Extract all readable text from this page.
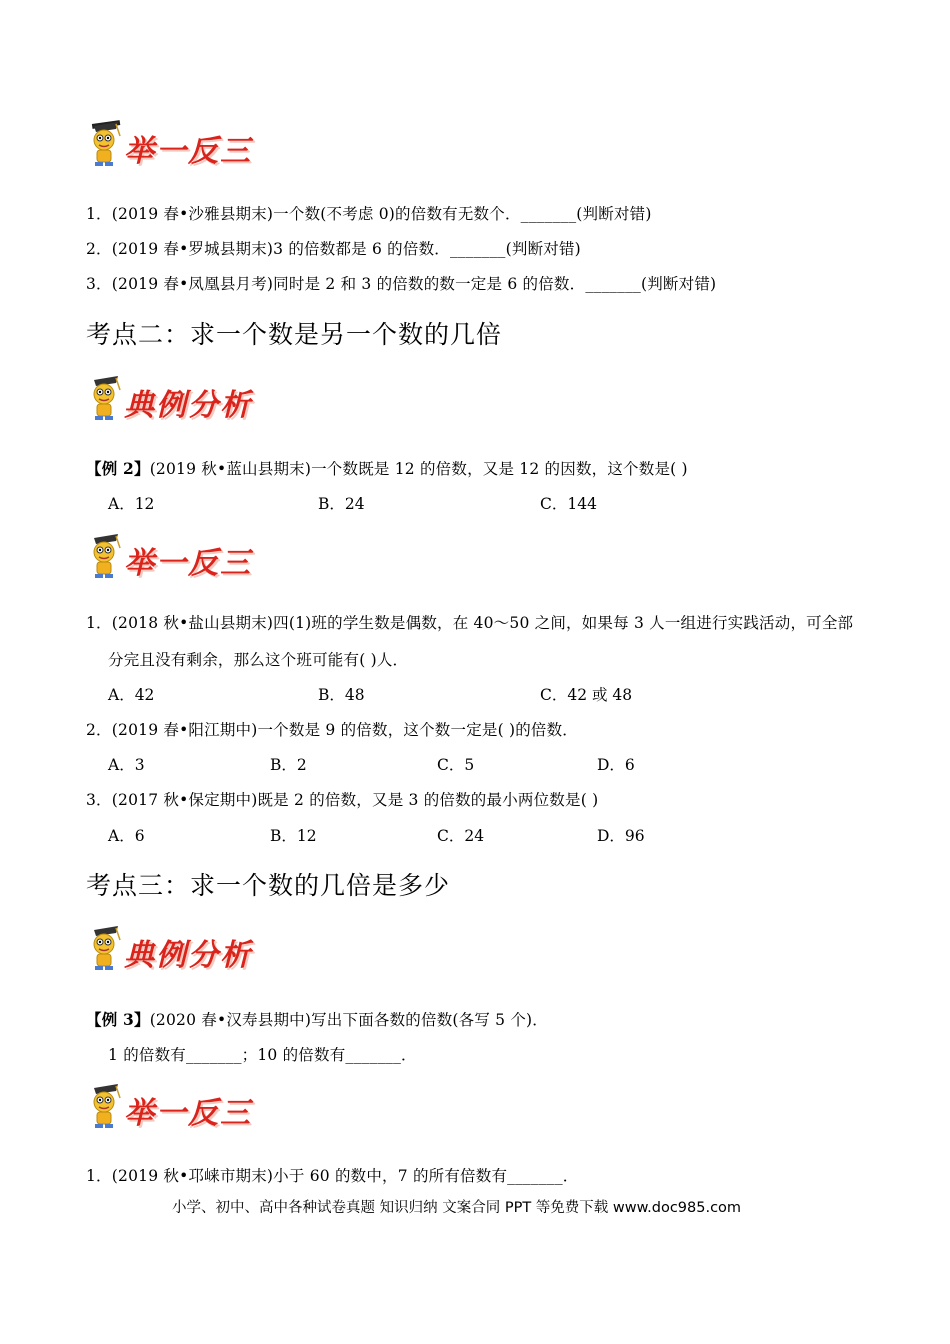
举一反三
1．(2019 春•沙雅县期末)一个数(不考虑 0)的倍数有无数个．_______(判断对错)
2．(2019 春•罗城县期末)3 的倍数都是 6 的倍数．_______(判断对错)
3．(2019 春•凤凰县月考)同时是 2 和 3 的倍数的数一定是 6 的倍数．_______(判断对错)
考点二：求一个数是另一个数的几倍
典例分析
【例 2】(2019 秋•蓝山县期末)一个数既是 12 的倍数，又是 12 的因数，这个数是( )
A．12	B．24	C．144
举一反三
1．(2018 秋•盐山县期末)四(1)班的学生数是偶数，在 40～50 之间，如果每 3 人一组进行实践活动，可全部
分完且没有剩余，那么这个班可能有( )人．
A．42	B．48	C．42 或 48
2．(2019 春•阳江期中)一个数是 9 的倍数，这个数一定是( )的倍数．
A．3	B．2	C．5	D．6
3．(2017 秋•保定期中)既是 2 的倍数，又是 3 的倍数的最小两位数是( )
A．6	B．12	C．24	D．96
考点三：求一个数的几倍是多少
典例分析
【例 3】(2020 春•汉寿县期中)写出下面各数的倍数(各写 5 个)．
1 的倍数有_______；10 的倍数有_______．
举一反三
1．(2019 秋•邛崃市期末)小于 60 的数中，7 的所有倍数有_______．
小学、初中、高中各种试卷真题 知识归纳 文案合同 PPT 等免费下载 www.doc985.com
